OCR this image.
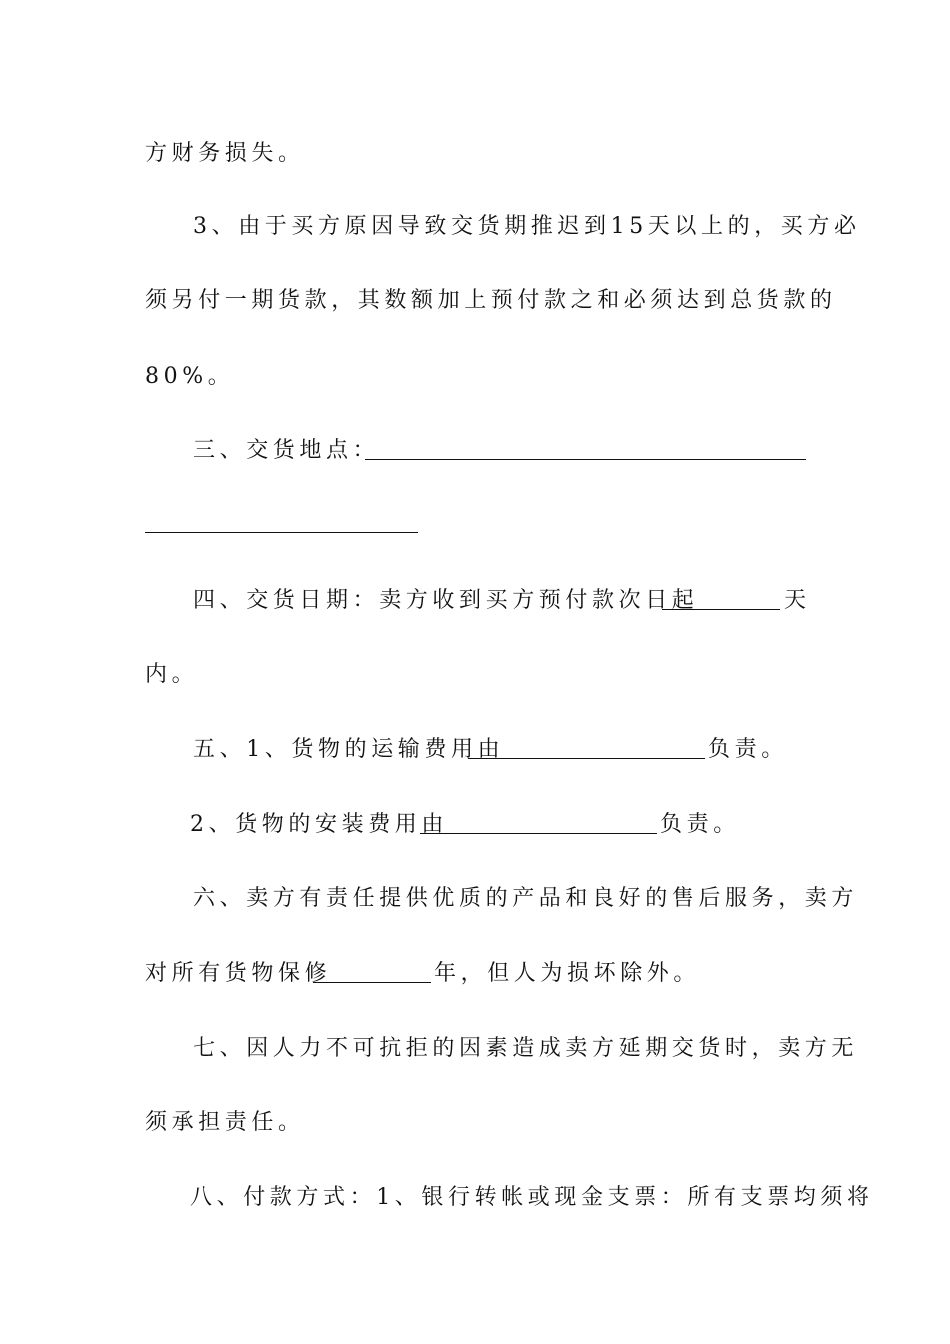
方财务损失。
3、由于买方原因导致交货期推迟到15天以上的，买方必
须另付一期货款，其数额加上预付款之和必须达到总货款的
80%。
三、交货地点：
四、交货日期：卖方收到买方预付款次日起	天
内。
五、1、货物的运输费用由	负责。
2、货物的安装费用由	负责。
六、卖方有责任提供优质的产品和良好的售后服务，卖方
对所有货物保修	年，但人为损坏除外。
七、因人力不可抗拒的因素造成卖方延期交货时，卖方无
须承担责任。
八、付款方式：1、银行转帐或现金支票：所有支票均须将
